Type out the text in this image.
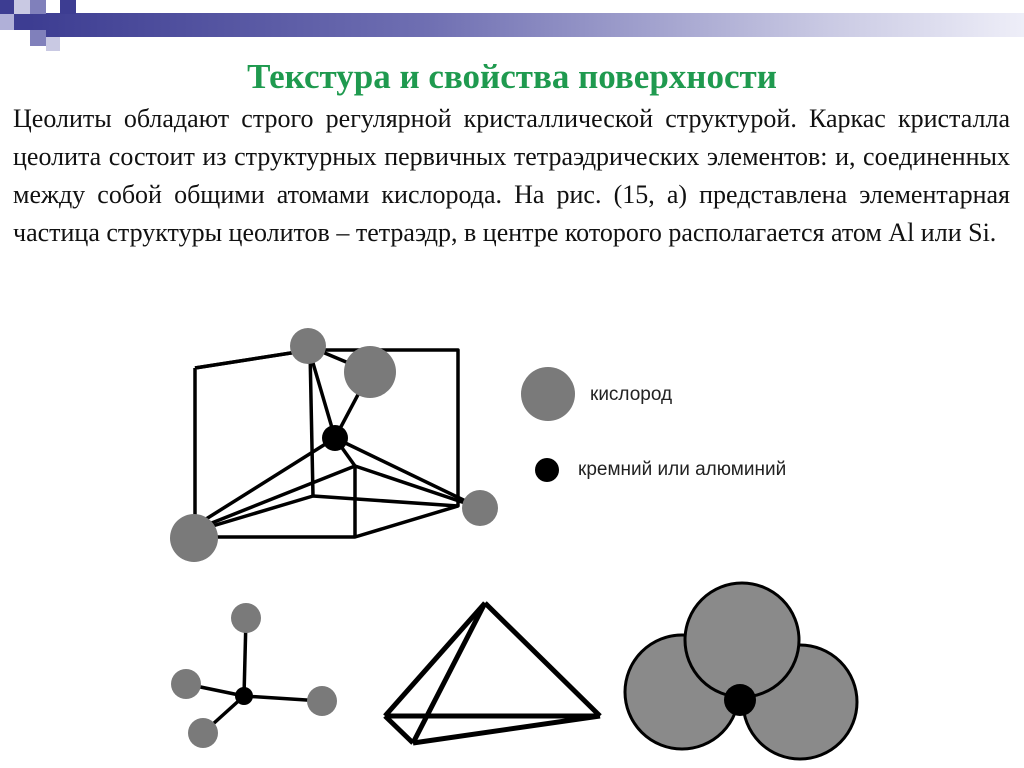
Текстура и свойства поверхности

Цеолиты обладают строго регулярной кристаллической структурой. Каркас кристалла цеолита состоит из структурных первичных тетраэдрических элементов: и, соединенных между собой общими атомами кислорода. На рис. (15, а) представлена элементарная частица структуры цеолитов – тетраэдр, в центре которого располагается атом Al или Si.

кислород
кремний или алюминий
